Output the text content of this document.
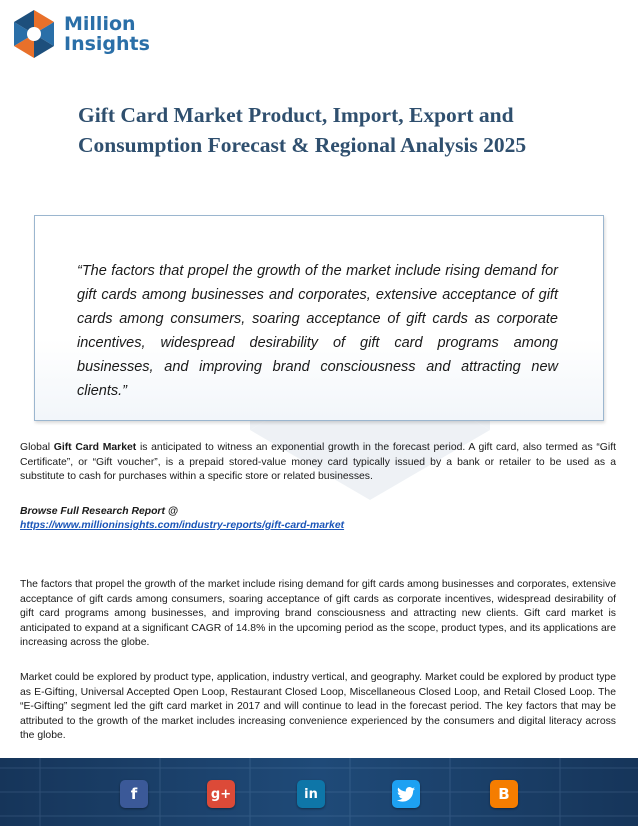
Million
Insights
Gift Card Market Product, Import, Export and Consumption Forecast & Regional Analysis 2025

“The factors that propel the growth of the market include rising demand for gift cards among businesses and corporates, extensive acceptance of gift cards among consumers, soaring acceptance of gift cards as corporate incentives, widespread desirability of gift card programs among businesses, and improving brand consciousness and attracting new clients.”

Global Gift Card Market is anticipated to witness an exponential growth in the forecast period. A gift card, also termed as “Gift Certificate”, or “Gift voucher”, is a prepaid stored-value money card typically issued by a bank or retailer to be used as a substitute to cash for purchases within a specific store or related businesses.

Browse Full Research Report @

https://www.millioninsights.com/industry-reports/gift-card-market

The factors that propel the growth of the market include rising demand for gift cards among businesses and corporates, extensive acceptance of gift cards among consumers, soaring acceptance of gift cards as corporate incentives, widespread desirability of gift card programs among businesses, and improving brand consciousness and attracting new clients. Gift card market is anticipated to expand at a significant CAGR of 14.8% in the upcoming period as the scope, product types, and its applications are increasing across the globe.

Market could be explored by product type, application, industry vertical, and geography. Market could be explored by product type as E-Gifting, Universal Accepted Open Loop, Restaurant Closed Loop, Miscellaneous Closed Loop, and Retail Closed Loop. The “E-Gifting” segment led the gift card market in 2017 and will continue to lead in the forecast period. The key factors that may be attributed to the growth of the market includes increasing convenience experienced by the consumers and digital literacy across the globe.

f	g+	in	B
